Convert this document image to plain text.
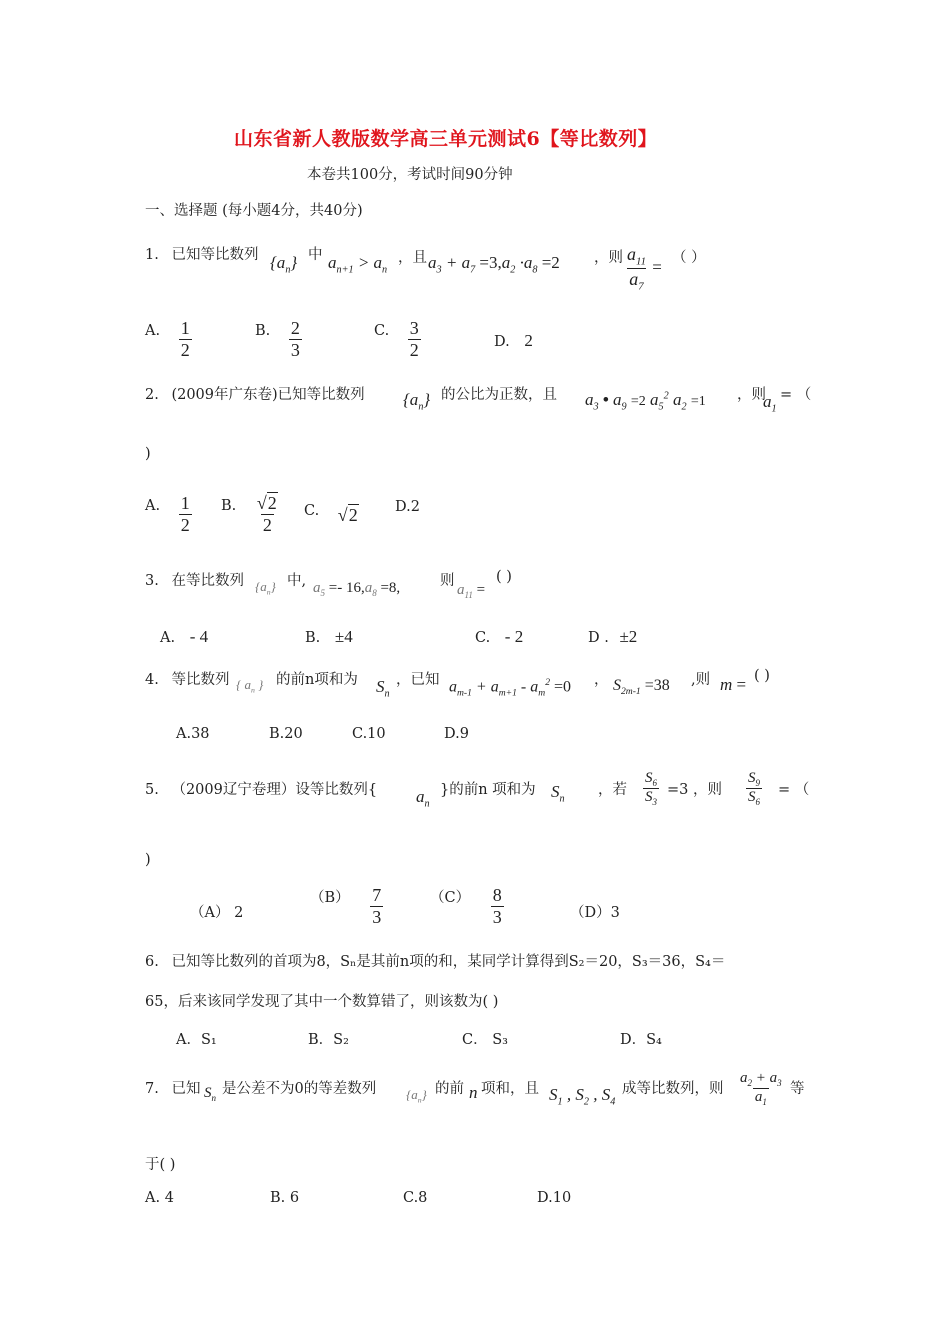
山东省新人教版数学高三单元测试6【等比数列】
本卷共100分，考试时间90分钟
一、选择题 (每小题4分，共40分)
1. 已知等比数列 $\{a_n\}$ 中 $a_{n+1} > a_n$
，且 $a_3 + a_7 =3,a_2 \cdot a_8 =2$ ，则 $\frac{a_{11}}{a_7}$ = （ ）
A. $\frac{1}{2}$	B. $\frac{2}{3}$	C. $\frac{3}{2}$	D. 2
2. (2009年广东卷)已知等比数列 $\{a_n\}$ 的公比为正数，且 $a_3$ • $a_9 =2$ $a_5^2$ $a_2 =1$ ，则
$a_1$
= （
)
A. $\frac{1}{2} B$. $\frac{√2}{2} C$. √2	D.2
3. 在等比数列 $\{a_n\}$ 中, $a_5 =- 16,a_8 =8$,	则
$a_{11}$ =
( )
A. - 4	B. ±4	C. - 2	D . ±2
4. 等比数列 { $a_n$ } 的前n项和为 $S_n$
，已知 $a_{m-1} + a_{m+1} - a_m^2 =0$ ， $S_{2m-1} =38$ ,则 m = ( )
A.38	B.20	C.10	D.9
5. （2009辽宁卷理）设等比数列{ $a_n$
}的前n 项和为 $S_n$
，若 $\frac{S_6}{S_3} =3$ ，则 $\frac{S_9}{S_6}$ = （
)
（A） 2
$(B) \frac{7}{3}$	$(C) \frac{8}{3}$	（D）3
6. 已知等比数列的首项为8，Sₙ是其前n项的和，某同学计算得到S₂＝20，S₃＝36，S₄＝
65，后来该同学发现了其中一个数算错了，则该数为( )
A．S₁	B．S₂	C． S₃	D．S₄
7. 已知 $S_n$
是公差不为0的等差数列 $\{a_n\}$ 的前 n 项和，且 $S_1$ , $S_2$ , $S_4$
成等比数列，则 $\frac{a_2 + a_3}{a_1}$ 等
于( )
A. 4	B. 6	C.8	D.10
